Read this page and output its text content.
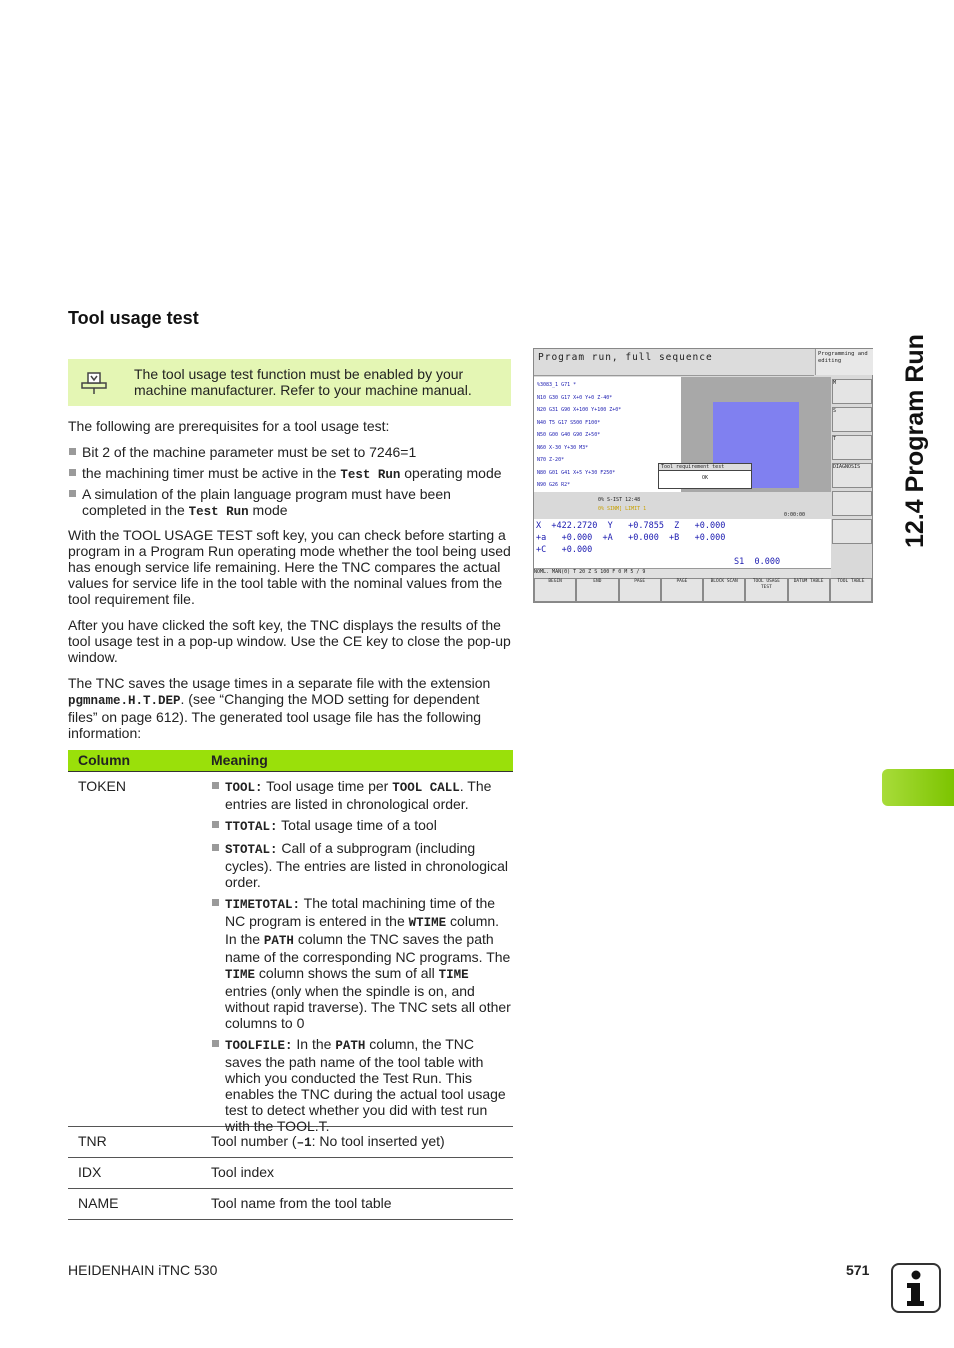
Tool usage test
The tool usage test function must be enabled by your machine manufacturer. Refer to your machine manual.

The following are prerequisites for a tool usage test:

Bit 2 of the machine parameter must be set to 7246=1
the machining timer must be active in the Test Run operating mode
A simulation of the plain language program must have been completed in the Test Run mode

With the TOOL USAGE TEST soft key, you can check before starting a program in a Program Run operating mode whether the tool being used has enough service life remaining. Here the TNC compares the actual values for service life in the tool table with the nominal values from the tool requirement file.

After you have clicked the soft key, the TNC displays the results of the tool usage test in a pop-up window. Use the CE key to close the pop-up window.

The TNC saves the usage times in a separate file with the extension pgmname.H.T.DEP. (see “Changing the MOD setting for dependent files” on page 612). The generated tool usage file has the following information:

Column	Meaning
TOKEN	TOOL: Tool usage time per TOOL CALL. The entries are listed in chronological order.
TTOTAL: Total usage time of a tool
STOTAL: Call of a subprogram (including cycles). The entries are listed in chronological order.
TIMETOTAL: The total machining time of the NC program is entered in the WTIME column. In the PATH column the TNC saves the path name of the corresponding NC programs. The TIME column shows the sum of all TIME entries (only when the spindle is on, and without rapid traverse). The TNC sets all other columns to 0
TOOLFILE: In the PATH column, the TNC saves the path name of the tool table with which you conducted the Test Run. This enables the TNC during the actual tool usage test to detect whether you did with test run with the TOOL.T.
TNR	Tool number (–1: No tool inserted yet)
IDX	Tool index
NAME	Tool name from the tool table
Program run, full sequence	Programming and editing
%3083_1 G71 *
N10 G30 G17 X+0 Y+0 Z-40*
N20 G31 G90 X+100 Y+100 Z+0*
N40 T5 G17 S500 F100*
N50 G00 G40 G90 Z+50*
N60 X-30 Y+30 M3*
N70 Z-20*
N80 G01 G41 X+5 Y+30 F250*
N90 G26 R2*
Tool requirement test
OK
0% S-IST 12:48
0% SINM] LIMIT 1
0:00:00
M
S
T
DIAGNOSIS
X  +422.2720  Y   +0.7855  Z   +0.000
+a   +0.000  +A   +0.000  +B   +0.000
+C   +0.000
S1  0.000
NOML. MAN(0) T 20 Z S 100 F 0 M 5 / 9
BEGIN	END	PAGE	PAGE	BLOCK SCAN	TOOL USAGE TEST
DATUM TABLE	TOOL TABLE
12.4 Program Run
HEIDENHAIN iTNC 530	571
